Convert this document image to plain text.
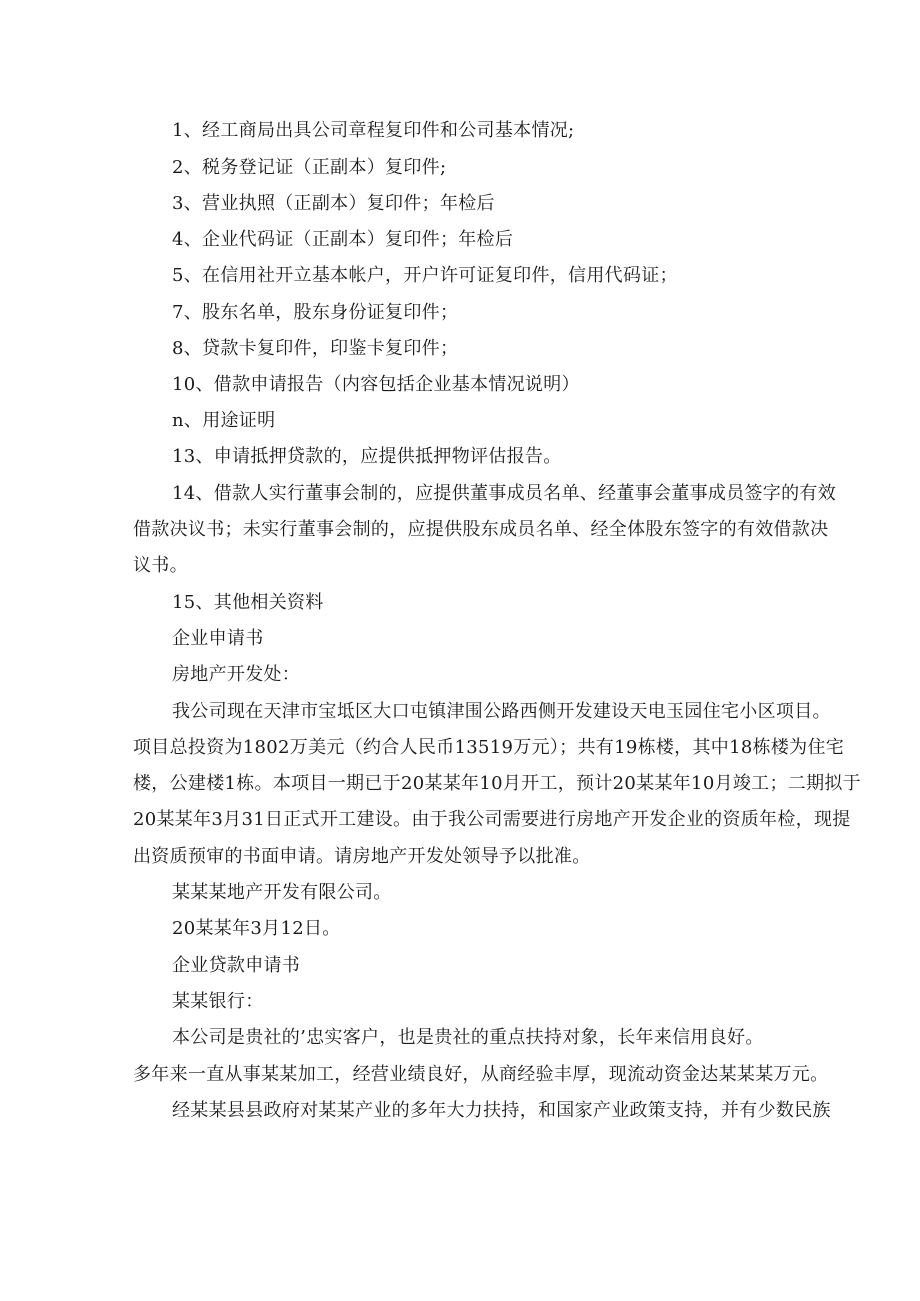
1、经工商局出具公司章程复印件和公司基本情况;
2、税务登记证（正副本）复印件;
3、营业执照（正副本）复印件；年检后
4、企业代码证（正副本）复印件；年检后
5、在信用社开立基本帐户，开户许可证复印件，信用代码证；
7、股东名单，股东身份证复印件；
8、贷款卡复印件，印鉴卡复印件；
10、借款申请报告（内容包括企业基本情况说明）
n、用途证明
13、申请抵押贷款的，应提供抵押物评估报告。
14、借款人实行董事会制的，应提供董事成员名单、经董事会董事成员签字的有效
借款决议书；未实行董事会制的，应提供股东成员名单、经全体股东签字的有效借款决
议书。
15、其他相关资料
企业申请书
房地产开发处：
我公司现在天津市宝坻区大口屯镇津围公路西侧开发建设天电玉园住宅小区项目。
项目总投资为1802万美元（约合人民币13519万元）；共有19栋楼，其中18栋楼为住宅
楼，公建楼1栋。本项目一期已于20某某年10月开工，预计20某某年10月竣工；二期拟于
20某某年3月31日正式开工建设。由于我公司需要进行房地产开发企业的资质年检，现提
出资质预审的书面申请。请房地产开发处领导予以批准。
某某某地产开发有限公司。
20某某年3月12日。
企业贷款申请书
某某银行：
本公司是贵社的’忠实客户，也是贵社的重点扶持对象，长年来信用良好。
多年来一直从事某某加工，经营业绩良好，从商经验丰厚，现流动资金达某某某万元。
经某某县县政府对某某产业的多年大力扶持，和国家产业政策支持，并有少数民族
